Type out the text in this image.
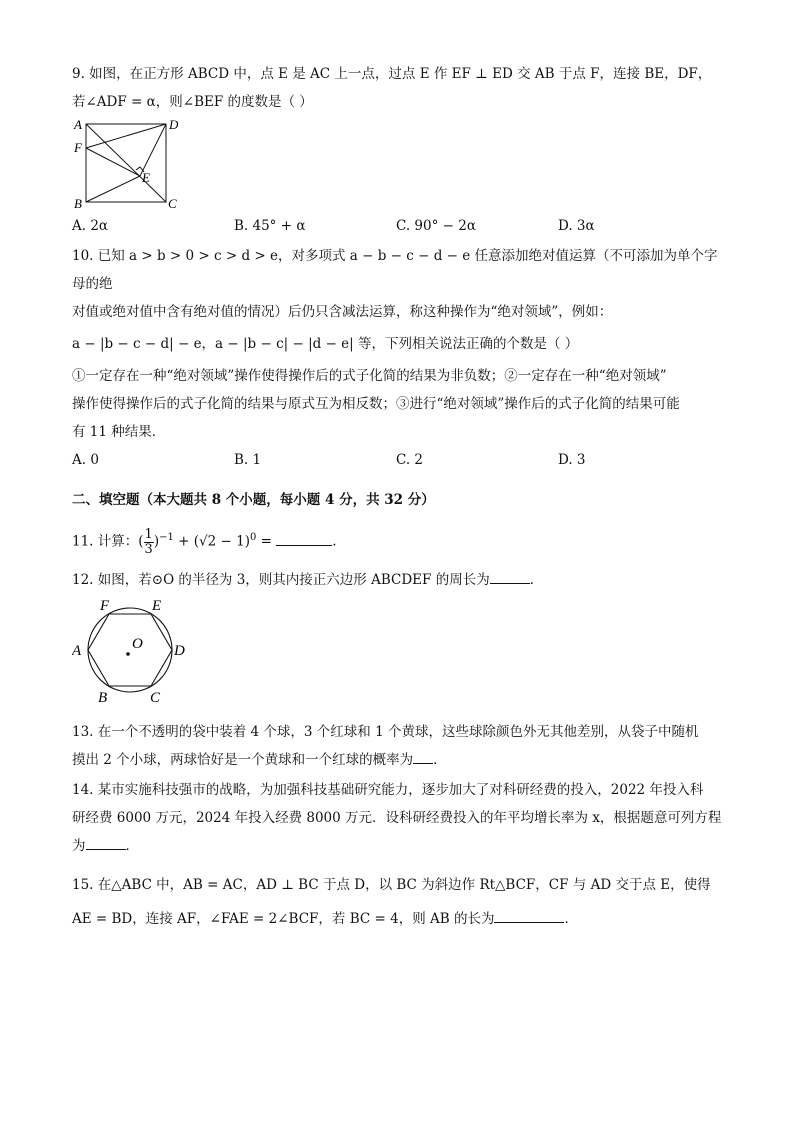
9. 如图，在正方形 ABCD 中，点 E 是 AC 上一点，过点 E 作 EF ⊥ ED 交 AB 于点 F，连接 BE，DF，

若∠ADF = α，则∠BEF 的度数是（ ）

A	D
F
E
B	C
A. 2α	B. 45° + α	C. 90° − 2α	D. 3α

10. 已知 a > b > 0 > c > d > e，对多项式 a − b − c − d − e 任意添加绝对值运算（不可添加为单个字母的绝

对值或绝对值中含有绝对值的情况）后仍只含减法运算，称这种操作为“绝对领域”，例如：

a − |b − c − d| − e，a − |b − c| − |d − e| 等，下列相关说法正确的个数是（ ）

①一定存在一种“绝对领域”操作使得操作后的式子化简的结果为非负数；②一定存在一种“绝对领域”

操作使得操作后的式子化简的结果与原式互为相反数；③进行“绝对领域”操作后的式子化简的结果可能

有 11 种结果．

A. 0	B. 1	C. 2	D. 3

二、填空题（本大题共 8 个小题，每小题 4 分，共 32 分）

11. 计算：( $\frac{1}{3})^{-1} + (√2 - 1)^0$ =	.

12. 如图，若⊙O 的半径为 3，则其内接正六边形 ABCDEF 的周长为	．

O
F	E
A	D
B	C

13. 在一个不透明的袋中装着 4 个球，3 个红球和 1 个黄球，这些球除颜色外无其他差别，从袋子中随机

摸出 2 个小球，两球恰好是一个黄球和一个红球的概率为 ．

14. 某市实施科技强市的战略，为加强科技基础研究能力，逐步加大了对科研经费的投入，2022 年投入科

研经费 6000 万元，2024 年投入经费 8000 万元．设科研经费投入的年平均增长率为 x，根据题意可列方程

为	．

15. 在△ABC 中，AB = AC，AD ⊥ BC 于点 D，以 BC 为斜边作 Rt△BCF，CF 与 AD 交于点 E，使得

AE = BD，连接 AF，∠FAE = 2∠BCF，若 BC = 4，则 AB 的长为	．
